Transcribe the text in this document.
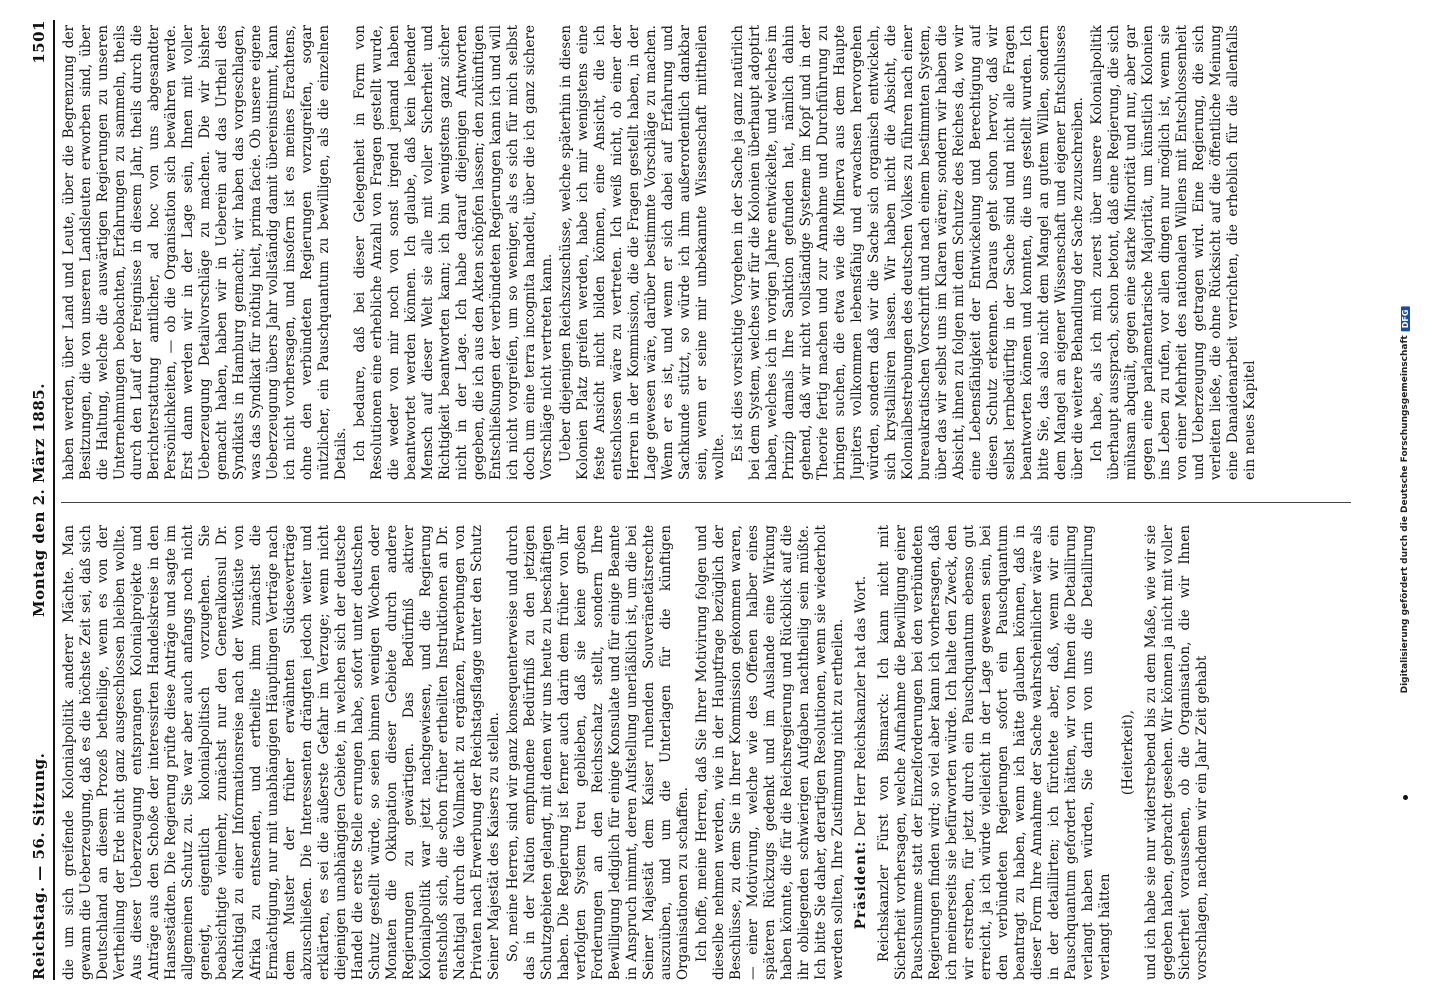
Reichstag. — 56. Sitzung.
Montag den 2. März 1885.
1501

die um sich greifende Kolonialpolitik anderer Mächte. Man gewann die Ueberzeugung, daß es die höchste Zeit sei, daß sich Deutschland an diesem Prozeß betheilige, wenn es von der Vertheilung der Erde nicht ganz ausgeschlossen bleiben wollte. Aus dieser Ueberzeugung entsprangen Kolonialprojekte und Anträge aus den Schoße der interessirten Handelskreise in den Hansestädten. Die Regierung prüfte diese Anträge und sagte im allgemeinen Schutz zu. Sie war aber auch anfangs noch nicht geneigt, eigentlich kolonialpolitisch vorzugehen. Sie beabsichtigte vielmehr, zunächst nur den Generalkonsul Dr. Nachtigal zu einer Informationsreise nach der Westküste von Afrika zu entsenden, und ertheilte ihm zunächst die Ermächtigung, nur mit unabhängigen Häuptlingen Verträge nach dem Muster der früher erwähnten Südseeverträge abzuschließen. Die Interessenten drängten jedoch weiter und erklärten, es sei die äußerste Gefahr im Verzuge; wenn nicht diejenigen unabhängigen Gebiete, in welchen sich der deutsche Handel die erste Stelle errungen habe, sofort unter deutschen Schutz gestellt würde, so seien binnen wenigen Wochen oder Monaten die Okkupation dieser Gebiete durch andere Regierungen zu gewärtigen. Das Bedürfniß aktiver Kolonialpolitik war jetzt nachgewiesen, und die Regierung entschloß sich, die schon früher ertheilten Instruktionen an Dr. Nachtigal durch die Vollmacht zu ergänzen, Erwerbungen von Privaten nach Erwerbung der Reichstagsflagge unter den Schutz Seiner Majestät des Kaisers zu stellen. So, meine Herren, sind wir ganz konsequenterweise und durch das in der Nation empfundene Bedürfniß zu den jetzigen Schutzgebieten gelangt, mit denen wir uns heute zu beschäftigen haben. Die Regierung ist ferner auch darin dem früher von ihr verfolgten System treu geblieben, daß sie keine großen Forderungen an den Reichsschatz stellt, sondern Ihre Bewilligung lediglich für einige Konsulate und für einige Beamte in Anspruch nimmt, deren Aufstellung unerläßlich ist, um die bei Seiner Majestät dem Kaiser ruhenden Souveränetätsrechte auszuüben, und um die Unterlagen für die künftigen Organisationen zu schaffen. Ich hoffe, meine Herren, daß Sie Ihrer Motivirung folgen und dieselbe nehmen werden, wie in der Hauptfrage bezüglich der Beschlüsse, zu dem Sie in Ihrer Kommission gekommen waren, — einer Motivirung, welche wie des Offenen halber eines späteren Rückzugs gedenkt und im Auslande eine Wirkung haben könnte, die für die Reichsregierung und Rückblick auf die ihr obliegenden schwierigen Aufgaben nachtheilig sein müßte. Ich bitte Sie daher, derartigen Resolutionen, wenn sie wiederholt werden sollten, Ihre Zustimmung nicht zu ertheilen. Präsident: Der Herr Reichskanzler hat das Wort. Reichskanzler Fürst von Bismarck: Ich kann nicht mit Sicherheit vorhersagen, welche Aufnahme die Bewilligung einer Pauschsumme statt der Einzelforderungen bei den verbündeten Regierungen finden wird; so viel aber kann ich vorhersagen, daß ich meinerseits sie befürworten würde. Ich halte den Zweck, den wir erstreben, für jetzt durch ein Pauschquantum ebenso gut erreicht, ja ich würde vielleicht in der Lage gewesen sein, bei den verbündeten Regierungen sofort ein Pauschquantum beantragt zu haben, wenn ich hätte glauben können, daß in dieser Form Ihre Annahme der Sache wahrscheinlicher wäre als in der detaillirten; ich fürchtete aber, daß, wenn wir ein Pauschquantum gefordert hätten, wir von Ihnen die Detaillirung verlangt haben würden, Sie darin von uns die Detaillirung verlangt hätten

(Heiterkeit), und ich habe sie nur widerstrebend bis zu dem Maße, wie wir sie gegeben haben, gebracht gesehen. Wir können ja nicht mit voller Sicherheit voraussehen, ob die Organisation, die wir Ihnen vorschlagen, nachdem wir ein Jahr Zeit gehabt

haben werden, über Land und Leute, über die Begrenzung der Besitzungen, die von unseren Landsleuten erworben sind, über die Haltung, welche die auswärtigen Regierungen zu unseren Unternehmungen beobachten, Erfahrungen zu sammeln, theils durch den Lauf der Ereignisse in diesem Jahr, theils durch die Berichterstattung amtlicher, ad hoc von uns abgesandter Persönlichkeiten, — ob die Organisation sich bewähren werde. Erst dann werden wir in der Lage sein, Ihnen mit voller Ueberzeugung Detailvorschläge zu machen. Die wir bisher gemacht haben, haben wir in Ueberein auf das Urtheil des Syndikats in Hamburg gemacht; wir haben das vorgeschlagen, was das Syndikat für nöthig hielt, prima facie. Ob unsere eigene Ueberzeugung übers Jahr vollständig damit übereinstimmt, kann ich nicht vorhersagen, und insofern ist es meines Erachtens, ohne den verbündeten Regierungen vorzugreifen, sogar nützlicher, ein Pauschquantum zu bewilligen, als die einzelnen Details. Ich bedaure, daß bei dieser Gelegenheit in Form von Resolutionen eine erhebliche Anzahl von Fragen gestellt wurde, die weder von mir noch von sonst irgend jemand haben beantwortet werden können. Ich glaube, daß kein lebender Mensch auf dieser Welt sie alle mit voller Sicherheit und Richtigkeit beantworten kann; ich bin wenigstens ganz sicher nicht in der Lage. Ich habe darauf diejenigen Antworten gegeben, die ich aus den Akten schöpfen lassen; den zukünftigen Entschließungen der verbündeten Regierungen kann ich und will ich nicht vorgreifen, um so weniger, als es sich für mich selbst doch um eine terra incognita handelt, über die ich ganz sichere Vorschläge nicht vertreten kann. Ueber diejenigen Reichszuschüsse, welche späterhin in diesen Kolonien Platz greifen werden, habe ich mir wenigstens eine feste Ansicht nicht bilden können, eine Ansicht, die ich entschlossen wäre zu vertreten. Ich weiß nicht, ob einer der Herren in der Kommission, die die Fragen gestellt haben, in der Lage gewesen wäre, darüber bestimmte Vorschläge zu machen. Wenn er es ist, und wenn er sich dabei auf Erfahrung und Sachkunde stützt, so würde ich ihm außerordentlich dankbar sein, wenn er seine mir unbekannte Wissenschaft mittheilen wollte. Es ist dies vorsichtige Vorgehen in der Sache ja ganz natürlich bei dem System, welches wir für die Kolonien überhaupt adoptirt haben, welches ich in vorigen Jahre entwickelte, und welches im Prinzip damals Ihre Sanktion gefunden hat, nämlich dahin gehend, daß wir nicht vollständige Systeme im Kopf und in der Theorie fertig machen und zur Annahme und Durchführung zu bringen suchen, die etwa wie die Minerva aus dem Haupte Jupiters vollkommen lebensfähig und erwachsen hervorgehen würden, sondern daß wir die Sache sich organisch entwickeln, sich krystallisiren lassen. Wir haben nicht die Absicht, die Kolonialbestrebungen des deutschen Volkes zu führen nach einer bureaukratischen Vorschrift und nach einem bestimmten System, über das wir selbst uns im Klaren wären; sondern wir haben die Absicht, ihnen zu folgen mit dem Schutze des Reiches da, wo wir eine Lebensfähigkeit der Entwickelung und Berechtigung auf diesen Schutz erkennen. Daraus geht schon hervor, daß wir selbst lernbedürftig in der Sache sind und nicht alle Fragen beantworten können und konnten, die uns gestellt wurden. Ich bitte Sie, das also nicht dem Mangel an gutem Willen, sondern dem Mangel an eigener Wissenschaft und eigener Entschlusses über die weitere Behandlung der Sache zuzuschreiben. Ich habe, als ich mich zuerst über unsere Kolonialpolitik überhaupt aussprach, schon betont, daß eine Regierung, die sich mühsam abquält, gegen eine starke Minorität und nur, aber gar gegen eine parlamentarische Majorität, um künstlich Kolonien ins Leben zu rufen, vor allen dingen nur möglich ist, wenn sie von einer Mehrheit des nationalen Willens mit Entschlossenheit und Ueberzeugung getragen wird. Eine Regierung, die sich verleiten ließe, die ohne Rücksicht auf die öffentliche Meinung eine Danaidenarbeit verrichten, die erheblich für die allenfalls ein neues Kapitel	Digitalisierung gefördert durch die Deutsche Forschungsgemeinschaft
DFG
